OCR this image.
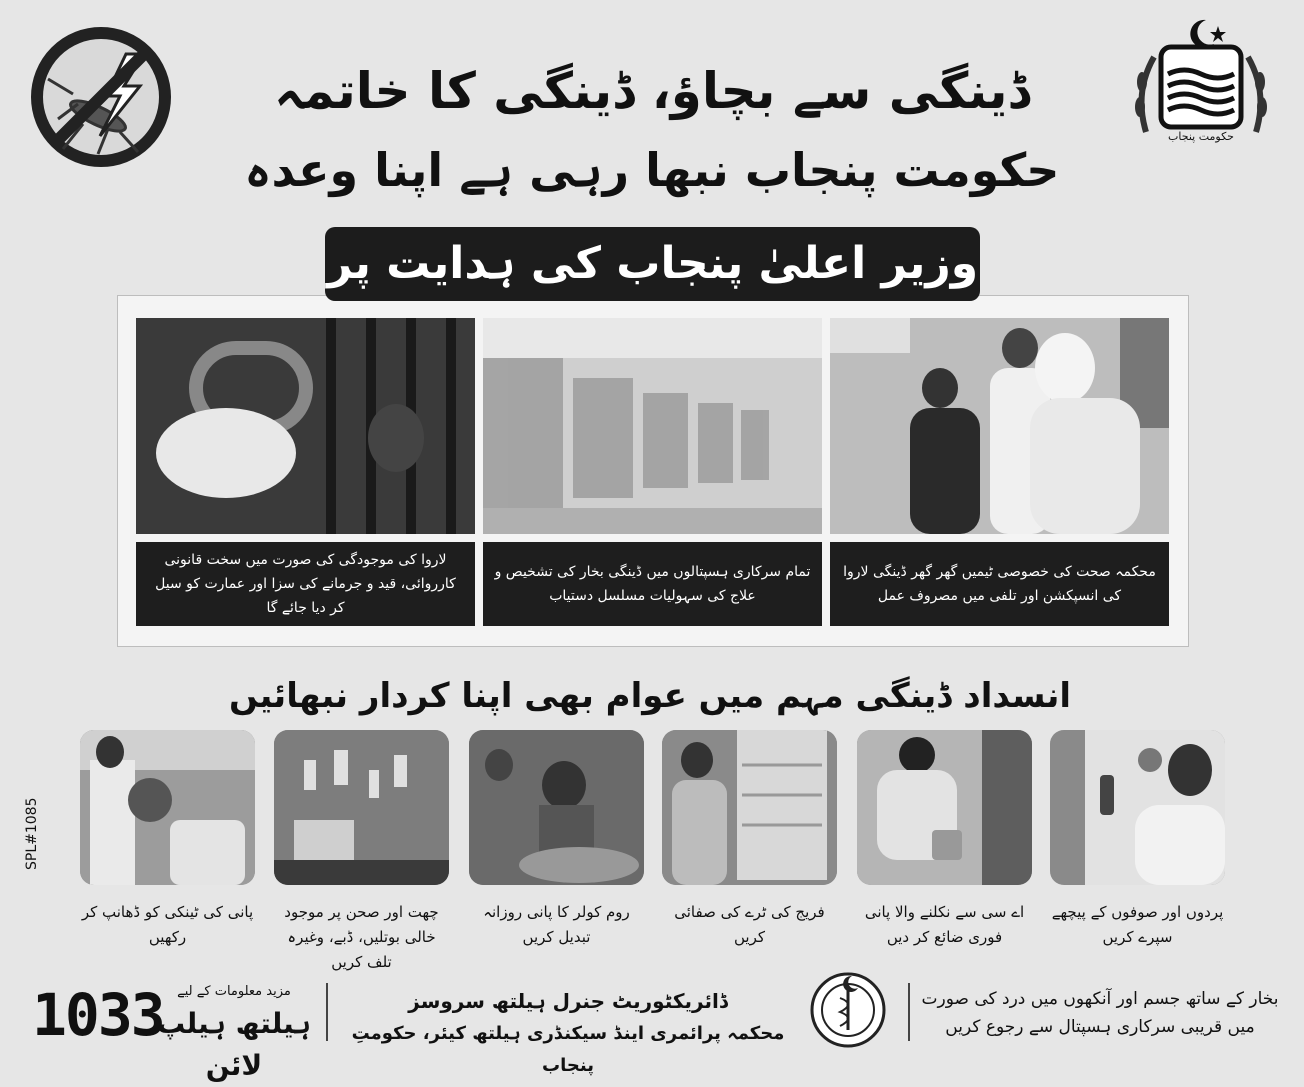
حکومت پنجاب
ڈینگی سے بچاؤ، ڈینگی کا خاتمہ
حکومت پنجاب نبھا رہی ہے اپنا وعدہ
وزیر اعلیٰ پنجاب کی ہدایت پر
لاروا کی موجودگی کی صورت میں سخت قانونی کارروائی، قید و جرمانے کی سزا اور عمارت کو سیل کر دیا جائے گا
تمام سرکاری ہسپتالوں میں ڈینگی بخار کی تشخیص و علاج کی سہولیات مسلسل دستیاب
محکمہ صحت کی خصوصی ٹیمیں گھر گھر ڈینگی لاروا کی انسپکشن اور تلفی میں مصروف عمل
انسداد ڈینگی مہم میں عوام بھی اپنا کردار نبھائیں
پانی کی ٹینکی کو ڈھانپ کر رکھیں
چھت اور صحن پر موجود خالی بوتلیں، ڈبے، وغیرہ تلف کریں
روم کولر کا پانی روزانہ تبدیل کریں
فریج کی ٹرے کی صفائی کریں
اے سی سے نکلنے والا پانی فوری ضائع کر دیں
پردوں اور صوفوں کے پیچھے سپرے کریں
SPL#1085
1033	مزید معلومات کے لیے
ہیلتھ ہیلپ لائن
ڈائریکٹوریٹ جنرل ہیلتھ سروسز
محکمہ پرائمری اینڈ سیکنڈری ہیلتھ کیئر، حکومتِ پنجاب
بخار کے ساتھ جسم اور آنکھوں میں درد کی صورت میں قریبی سرکاری ہسپتال سے رجوع کریں
